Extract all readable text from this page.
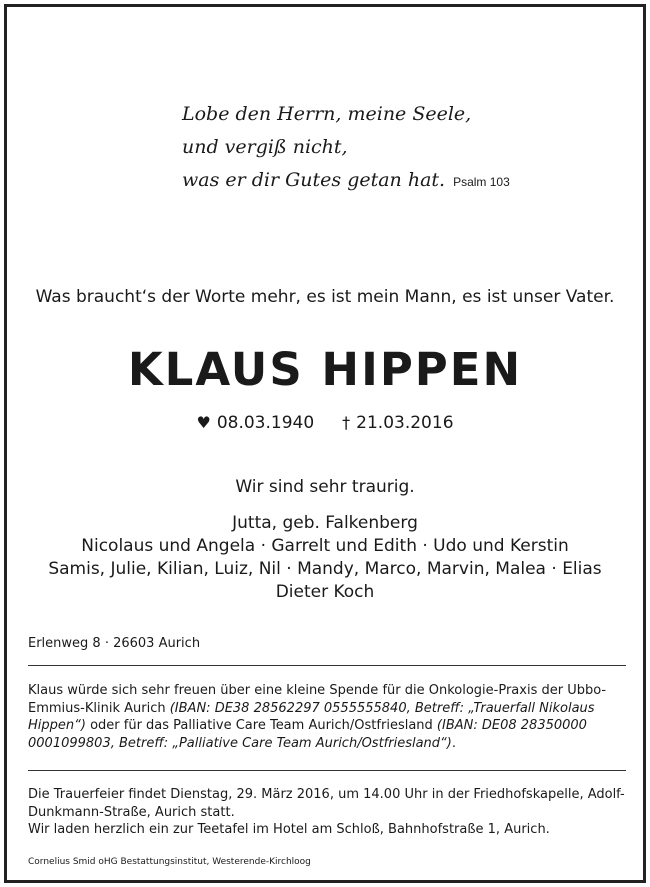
Lobe den Herrn, meine Seele,
und vergiß nicht,
was er dir Gutes getan hat. Psalm 103
Was braucht‘s der Worte mehr, es ist mein Mann, es ist unser Vater.
KLAUS HIPPEN
♥ 08.03.1940 † 21.03.2016
Wir sind sehr traurig.
Jutta, geb. Falkenberg
Nicolaus und Angela · Garrelt und Edith · Udo und Kerstin
Samis, Julie, Kilian, Luiz, Nil · Mandy, Marco, Marvin, Malea · Elias
Dieter Koch
Erlenweg 8 · 26603 Aurich
Klaus würde sich sehr freuen über eine kleine Spende für die Onkologie-Praxis der Ubbo-Emmius-Klinik Aurich (IBAN: DE38 28562297 0555555840, Betreff: „Trauerfall Nikolaus Hippen“) oder für das Palliative Care Team Aurich/Ostfriesland (IBAN: DE08 28350000 0001099803, Betreff: „Palliative Care Team Aurich/Ostfriesland“).
Die Trauerfeier findet Dienstag, 29. März 2016, um 14.00 Uhr in der Friedhofskapelle, Adolf-Dunkmann-Straße, Aurich statt.
Wir laden herzlich ein zur Teetafel im Hotel am Schloß, Bahnhofstraße 1, Aurich.
Cornelius Smid oHG Bestattungsinstitut, Westerende-Kirchloog
